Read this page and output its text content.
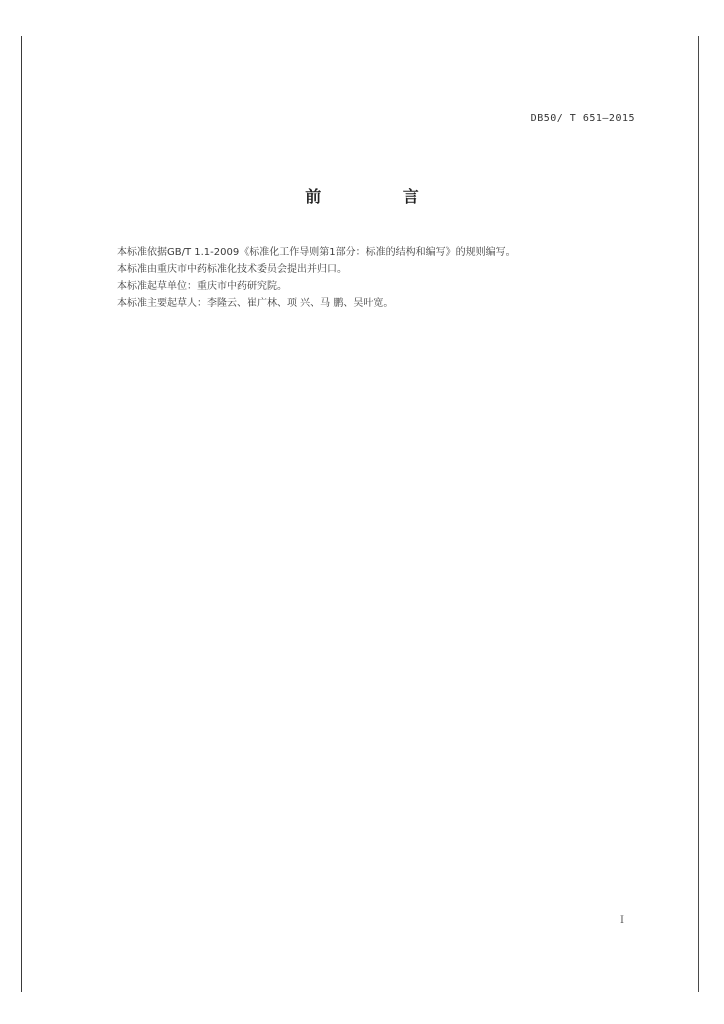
DB50/ T 651—2015
前 言

本标准依据GB/T 1.1-2009《标准化工作导则第1部分：标准的结构和编写》的规则编写。

本标准由重庆市中药标准化技术委员会提出并归口。

本标准起草单位：重庆市中药研究院。

本标准主要起草人：李隆云、崔广林、项 兴、马 鹏、吴叶宽。

I
